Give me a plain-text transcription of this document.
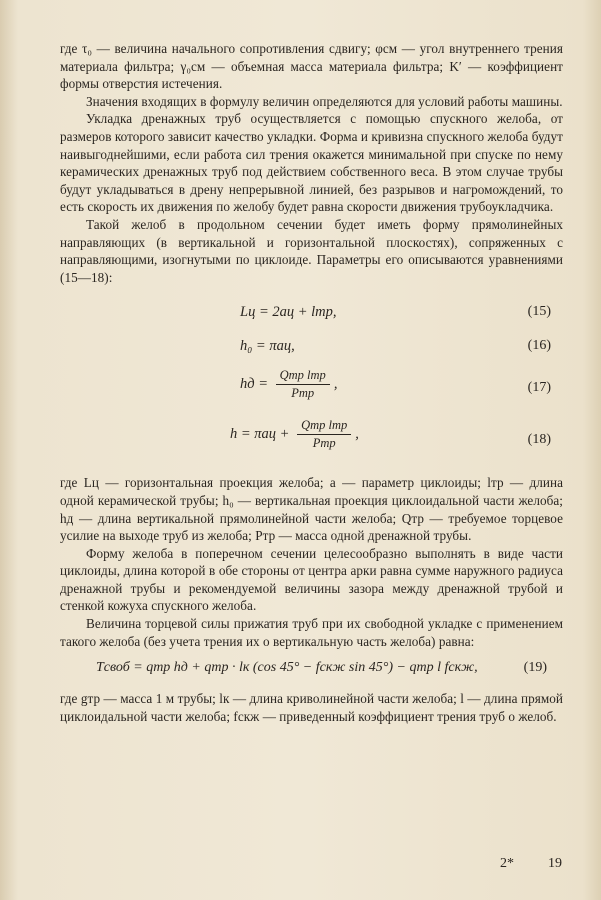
где τ₀ — величина начального сопротивления сдвигу; φсм — угол внутреннего трения материала фильтра; γ₀см — объемная масса материала фильтра; K′ — коэффициент формы отверстия истечения.

Значения входящих в формулу величин определяются для условий работы машины.

Укладка дренажных труб осуществляется с помощью спускного желоба, от размеров которого зависит качество укладки. Форма и кривизна спускного желоба будут наивыгоднейшими, если работа сил трения окажется минимальной при спуске по нему керамических дренажных труб под действием собственного веса. В этом случае трубы будут укладываться в дрену непрерывной линией, без разрывов и нагромождений, то есть скорость их движения по желобу будет равна скорости движения трубоукладчика.

Такой желоб в продольном сечении будет иметь форму прямолинейных направляющих (в вертикальной и горизонтальной плоскостях), сопряженных с направляющими, изогнутыми по циклоиде. Параметры его описываются уравнениями (15—18):

Lц = 2aц + lтр,	(15)
h₀ = πaц,	(16)
hд = $\frac{\text{Qтр lтр}}{\text{Pтр}}$ ,	(17)
$h = \pi aц + \frac{\text{Qтр lтр}}{\text{Pтр}}$ ,	(18)

где Lц — горизонтальная проекция желоба; a — параметр циклоиды; lтр — длина одной керамической трубы; h₀ — вертикальная проекция циклоидальной части желоба; hд — длина вертикальной прямолинейной части желоба; Qтр — требуемое торцевое усилие на выходе труб из желоба; Pтр — масса одной дренажной трубы.

Форму желоба в поперечном сечении целесообразно выполнять в виде части циклоиды, длина которой в обе стороны от центра арки равна сумме наружного радиуса дренажной трубы и рекомендуемой величины зазора между дренажной трубой и стенкой кожуха спускного желоба.

Величина торцевой силы прижатия труб при их свободной укладке с применением такого желоба (без учета трения их о вертикальную часть желоба) равна:

Tсвоб = qтр hд + qтр · lк (cos 45° − fскж sin 45°) − qтр l fскж,	(19)

где gтр — масса 1 м трубы; lк — длина криволинейной части желоба; l — длина прямой циклоидальной части желоба; fскж — приведенный коэффициент трения труб о желоб.

2* 19
